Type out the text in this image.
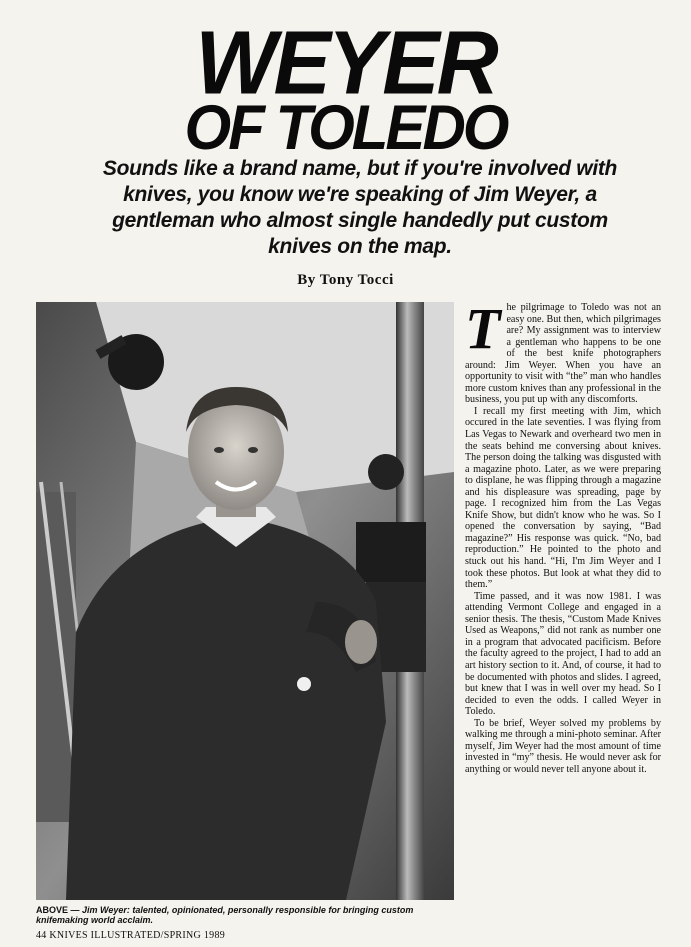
WEYER
OF TOLEDO
Sounds like a brand name, but if you're involved with knives, you know we're speaking of Jim Weyer, a gentleman who almost single handedly put custom knives on the map.
By Tony Tocci
ABOVE — Jim Weyer: talented, opinionated, personally responsible for bringing custom knifemaking world acclaim.
44 KNIVES ILLUSTRATED/SPRING 1989

The pilgrimage to Toledo was not an easy one. But then, which pilgrimages are? My assignment was to interview a gentleman who happens to be one of the best knife photographers around: Jim Weyer. When you have an opportunity to visit with “the” man who handles more custom knives than any professional in the business, you put up with any discomforts.

I recall my first meeting with Jim, which occured in the late seventies. I was flying from Las Vegas to Newark and overheard two men in the seats behind me conversing about knives. The person doing the talking was disgusted with a magazine photo. Later, as we were preparing to displane, he was flipping through a magazine and his displeasure was spreading, page by page. I recognized him from the Las Vegas Knife Show, but didn't know who he was. So I opened the conversation by saying, “Bad magazine?” His response was quick. “No, bad reproduction.” He pointed to the photo and stuck out his hand. “Hi, I'm Jim Weyer and I took these photos. But look at what they did to them.”

Time passed, and it was now 1981. I was attending Vermont College and engaged in a senior thesis. The thesis, “Custom Made Knives Used as Weapons,” did not rank as number one in a program that advocated pacificism. Before the faculty agreed to the project, I had to add an art history section to it. And, of course, it had to be documented with photos and slides. I agreed, but knew that I was in well over my head. So I decided to even the odds. I called Weyer in Toledo.

To be brief, Weyer solved my problems by walking me through a mini-photo seminar. After myself, Jim Weyer had the most amount of time invested in “my” thesis. He would never ask for anything or would never tell anyone about it.
